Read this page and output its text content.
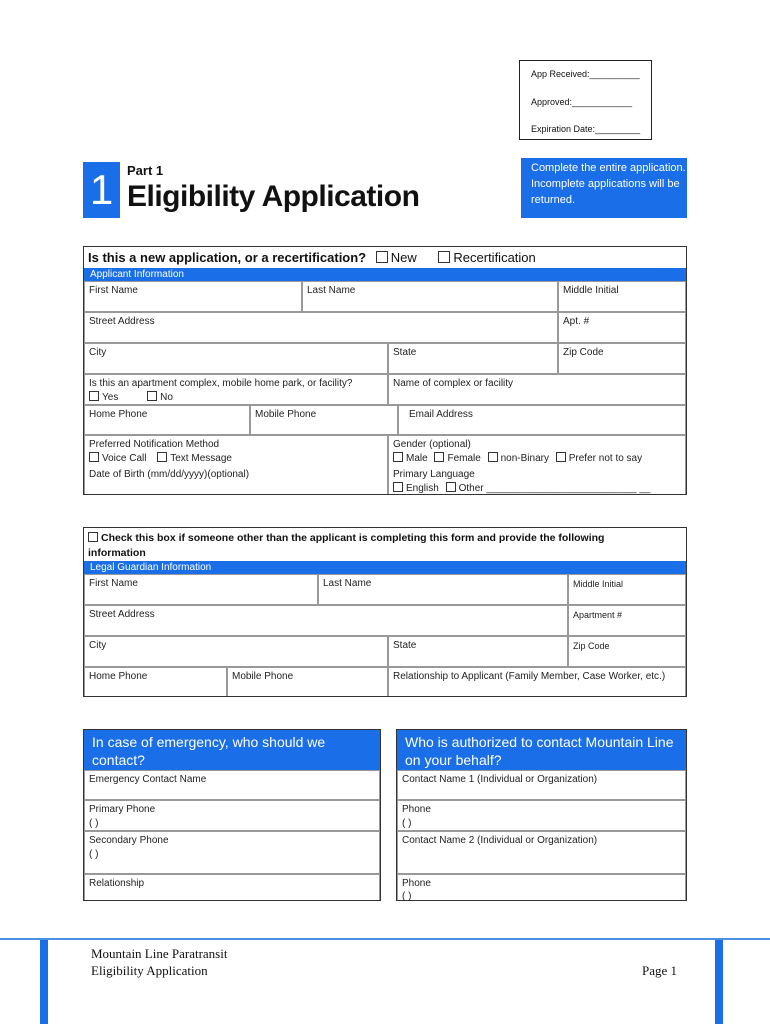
App Received:__________
Approved:____________
Expiration Date:_________
1	Part 1
Eligibility Application
Complete the entire application. Incomplete applications will be returned.
Is this a new application, or a recertification? New	Recertification
Applicant Information
First Name	Last Name	Middle Initial
Street Address	Apt. #
City	State	Zip Code
Is this an apartment complex, mobile home park, or facility?
Yes	No
Name of complex or facility
Home Phone	Mobile Phone	Email Address
Preferred Notification Method
Voice Call Text Message
Date of Birth (mm/dd/yyyy)(optional)
Gender (optional)
Male Female non-Binary Prefer not to say
Primary Language
English Other ___________________________ __
Check this box if someone other than the applicant is completing this form and provide the following information
Legal Guardian Information
First Name	Last Name	Middle Initial
Street Address	Apartment #
City	State	Zip Code
Home Phone	Mobile Phone	Relationship to Applicant (Family Member, Case Worker, etc.)
In case of emergency, who should we contact?
Emergency Contact Name
Primary Phone
( )
Secondary Phone
( )
Relationship
Who is authorized to contact Mountain Line on your behalf?
Contact Name 1 (Individual or Organization)
Phone
( )
Contact Name 2 (Individual or Organization)
Phone
( )
Mountain Line Paratransit
Eligibility Application	Page 1
